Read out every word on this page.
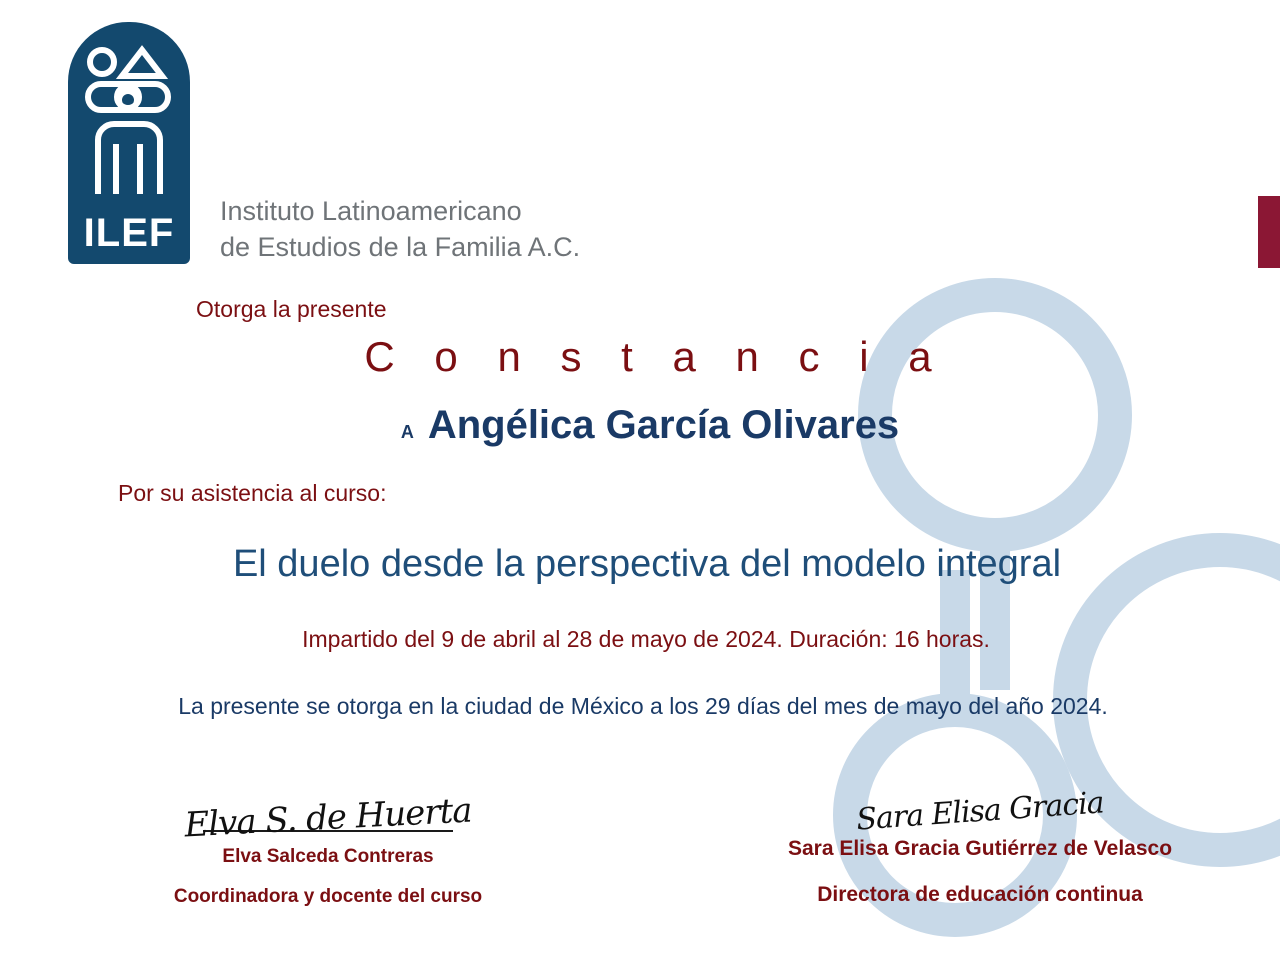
ILEF	Instituto Latinoamericano
de Estudios de la Familia A.C.
Otorga la presente
C o n s t a n c i a
A Angélica García Olivares
Por su asistencia al curso:
El duelo desde la perspectiva del modelo integral
Impartido del 9 de abril al 28 de mayo de 2024. Duración: 16 horas.
La presente se otorga en la ciudad de México a los 29 días del mes de mayo del año 2024.
Elva S. de Huerta
Elva Salceda Contreras
Coordinadora y docente del curso
Sara Elisa Gracia
Sara Elisa Gracia Gutiérrez de Velasco
Directora de educación continua
